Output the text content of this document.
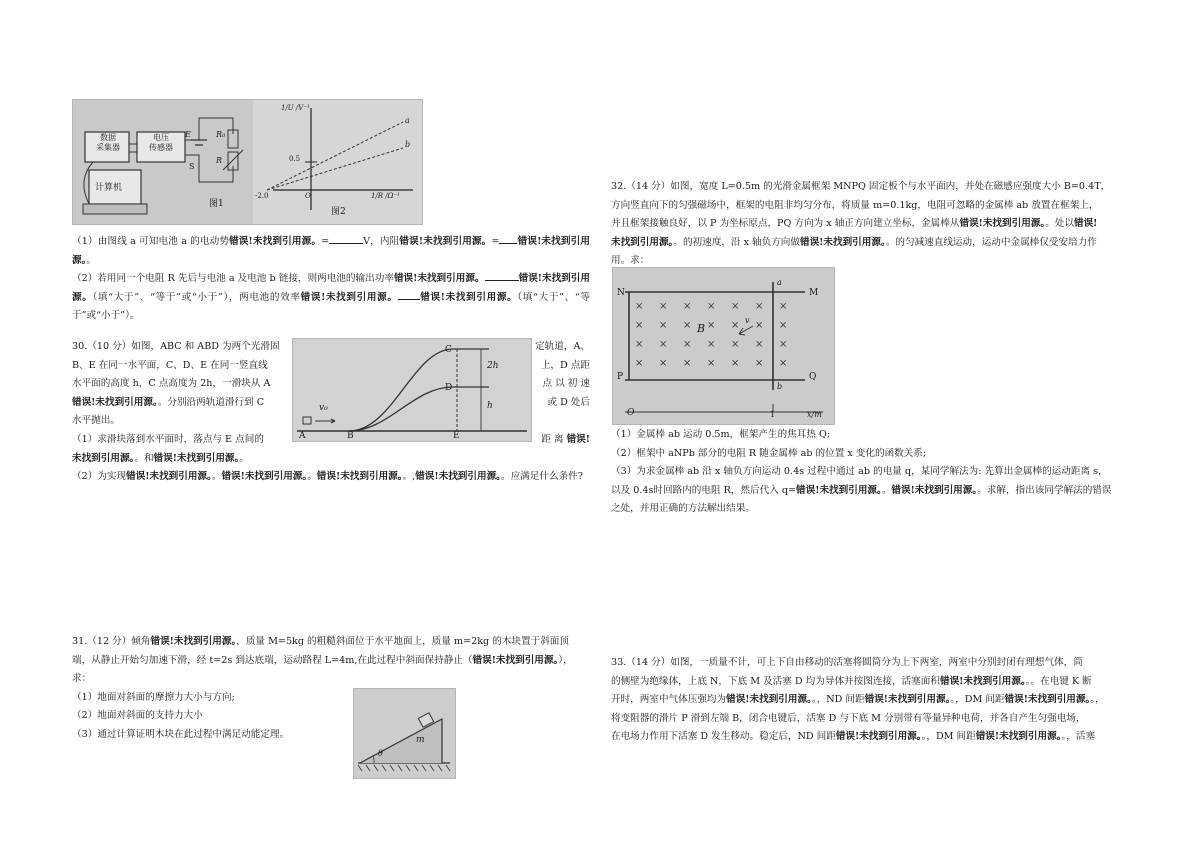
数据
采集器
电压
传感器
计算机
E
S
R₀
R
图1
1/U /V⁻¹
1/R /Ω⁻¹
0.5
-2.0	O
a
b
图2

（1）由图线 a 可知电池 a 的电动势错误!未找到引用源。=	V，内阻错误!未找到引用源。= 错误!未找到引用源。。

（2）若用同一个电阻 R 先后与电池 a 及电池 b 链接，则两电池的输出功率错误!未找到引用源。	错误!未找到引用源。（填“大于”、“等于”或“小于”），两电池的效率错误!未找到引用源。 错误!未找到引用源。（填“大于”、“等于”或“小于”）。

A	B
C
D
E
v₀
2h
h
30.（10 分）如图，ABC 和 ABD 为两个光滑固	定轨道，A、
B、E 在同一水平面，C、D、E 在同一竖直线	上，D 点距
水平面的高度 h，C 点高度为 2h，一滑块从 A	点 以 初 速
错误!未找到引用源。。分别沿两轨道滑行到 C	或 D 处后
水平抛出。
（1）求滑块落到水平面时，落点与 E 点间的	距 离 错误!

未找到引用源。。和错误!未找到引用源。。

（2）为实现错误!未找到引用源。。错误!未找到引用源。。错误!未找到引用源。。,错误!未找到引用源。。应满足什么条件?

31.（12 分）倾角错误!未找到引用源。，质量 M=5kg 的粗糙斜面位于水平地面上，质量 m=2kg 的木块置于斜面顶

端，从静止开始匀加速下滑，经 t=2s 到达底端，运动路程 L=4m,在此过程中斜面保持静止（错误!未找到引用源。），

求：

（1）地面对斜面的摩擦力大小与方向;

（2）地面对斜面的支持力大小

（3）通过计算证明木块在此过程中满足动能定理。

m
θ

32.（14 分）如图，宽度 L=0.5m 的光滑金属框架 MNPQ 固定板个与水平面内，并处在磁感应强度大小 B=0.4T，

方向竖直向下的匀强磁场中，框架的电阻非均匀分布，将质量 m=0.1kg，电阻可忽略的金属棒 ab 放置在框架上，

并且框架接触良好，以 P 为坐标原点，PQ 方向为 x 轴正方向建立坐标，金属棒从错误!未找到引用源。。处以错误!

未找到引用源。。的初速度，沿 x 轴负方向做错误!未找到引用源。。的匀减速直线运动，运动中金属棒仅受安培力作

用。求：

× × × × × × ×
× × × × × × ×
× × × × × × ×
× × × × × × ×
N	M
P	Q
a
b
O	1	x/m
B
v

（1）金属棒 ab 运动 0.5m，框架产生的焦耳热 Q;

（2）框架中 aNPb 部分的电阻 R 随金属棒 ab 的位置 x 变化的函数关系;

（3）为求金属棒 ab 沿 x 轴负方向运动 0.4s 过程中通过 ab 的电量 q，某同学解法为: 先算出金属棒的运动距离 s，

以及 0.4s时回路内的电阻 R，然后代入 q=错误!未找到引用源。。错误!未找到引用源。。求解，指出该同学解法的错误

之处，并用正确的方法解出结果。

33.（14 分）如图，一质量不计，可上下自由移动的活塞将圆筒分为上下两室，两室中分别封闭有理想气体，筒

的侧壁为绝缘体，上底 N，下底 M 及活塞 D 均为导体并按图连接，活塞面积错误!未找到引用源。。。在电键 K 断

开时，两室中气体压强均为错误!未找到引用源。。，ND 间距错误!未找到引用源。。，DM 间距错误!未找到引用源。。，

将变阻器的滑片 P 滑到左端 B，闭合电键后，活塞 D 与下底 M 分别带有等量异种电荷，并各自产生匀强电场，

在电场力作用下活塞 D 发生移动。稳定后，ND 间距错误!未找到引用源。。，DM 间距错误!未找到引用源。。，活塞
